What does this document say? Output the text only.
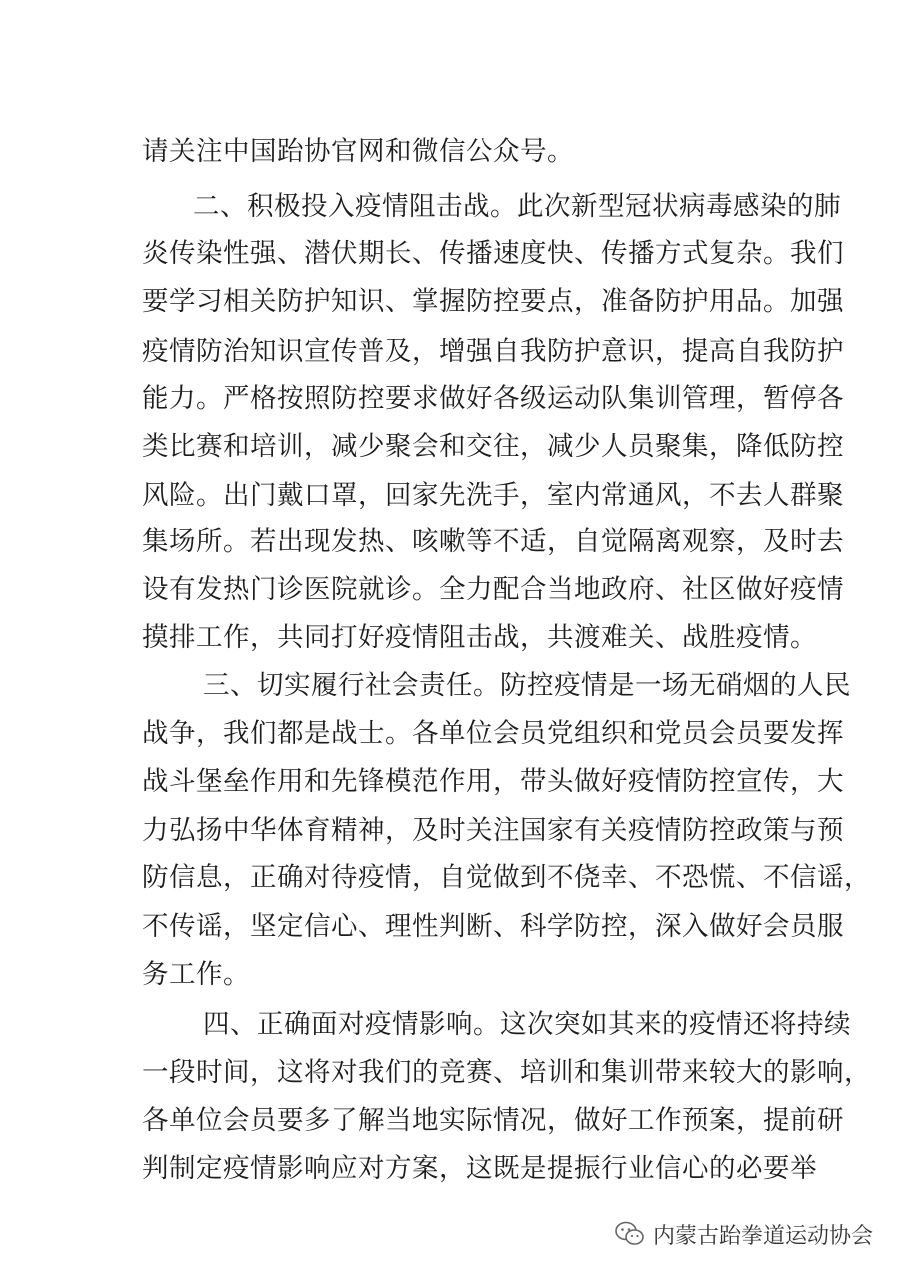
请关注中国跆协官网和微信公众号。
　二、积极投入疫情阻击战。此次新型冠状病毒感染的肺
炎传染性强、潜伏期长、传播速度快、传播方式复杂。我们
要学习相关防护知识、掌握防控要点，准备防护用品。加强
疫情防治知识宣传普及，增强自我防护意识，提高自我防护
能力。严格按照防控要求做好各级运动队集训管理，暂停各
类比赛和培训，减少聚会和交往，减少人员聚集，降低防控
风险。出门戴口罩，回家先洗手，室内常通风，不去人群聚
集场所。若出现发热、咳嗽等不适，自觉隔离观察，及时去
设有发热门诊医院就诊。全力配合当地政府、社区做好疫情
摸排工作，共同打好疫情阻击战，共渡难关、战胜疫情。
　三、切实履行社会责任。防控疫情是一场无硝烟的人民
战争，我们都是战士。各单位会员党组织和党员会员要发挥
战斗堡垒作用和先锋模范作用，带头做好疫情防控宣传，大
力弘扬中华体育精神，及时关注国家有关疫情防控政策与预
防信息，正确对待疫情，自觉做到不侥幸、不恐慌、不信谣，
不传谣，坚定信心、理性判断、科学防控，深入做好会员服
务工作。
　四、正确面对疫情影响。这次突如其来的疫情还将持续
一段时间，这将对我们的竞赛、培训和集训带来较大的影响，
各单位会员要多了解当地实际情况，做好工作预案，提前研
判制定疫情影响应对方案，这既是提振行业信心的必要举
内蒙古跆拳道运动协会
